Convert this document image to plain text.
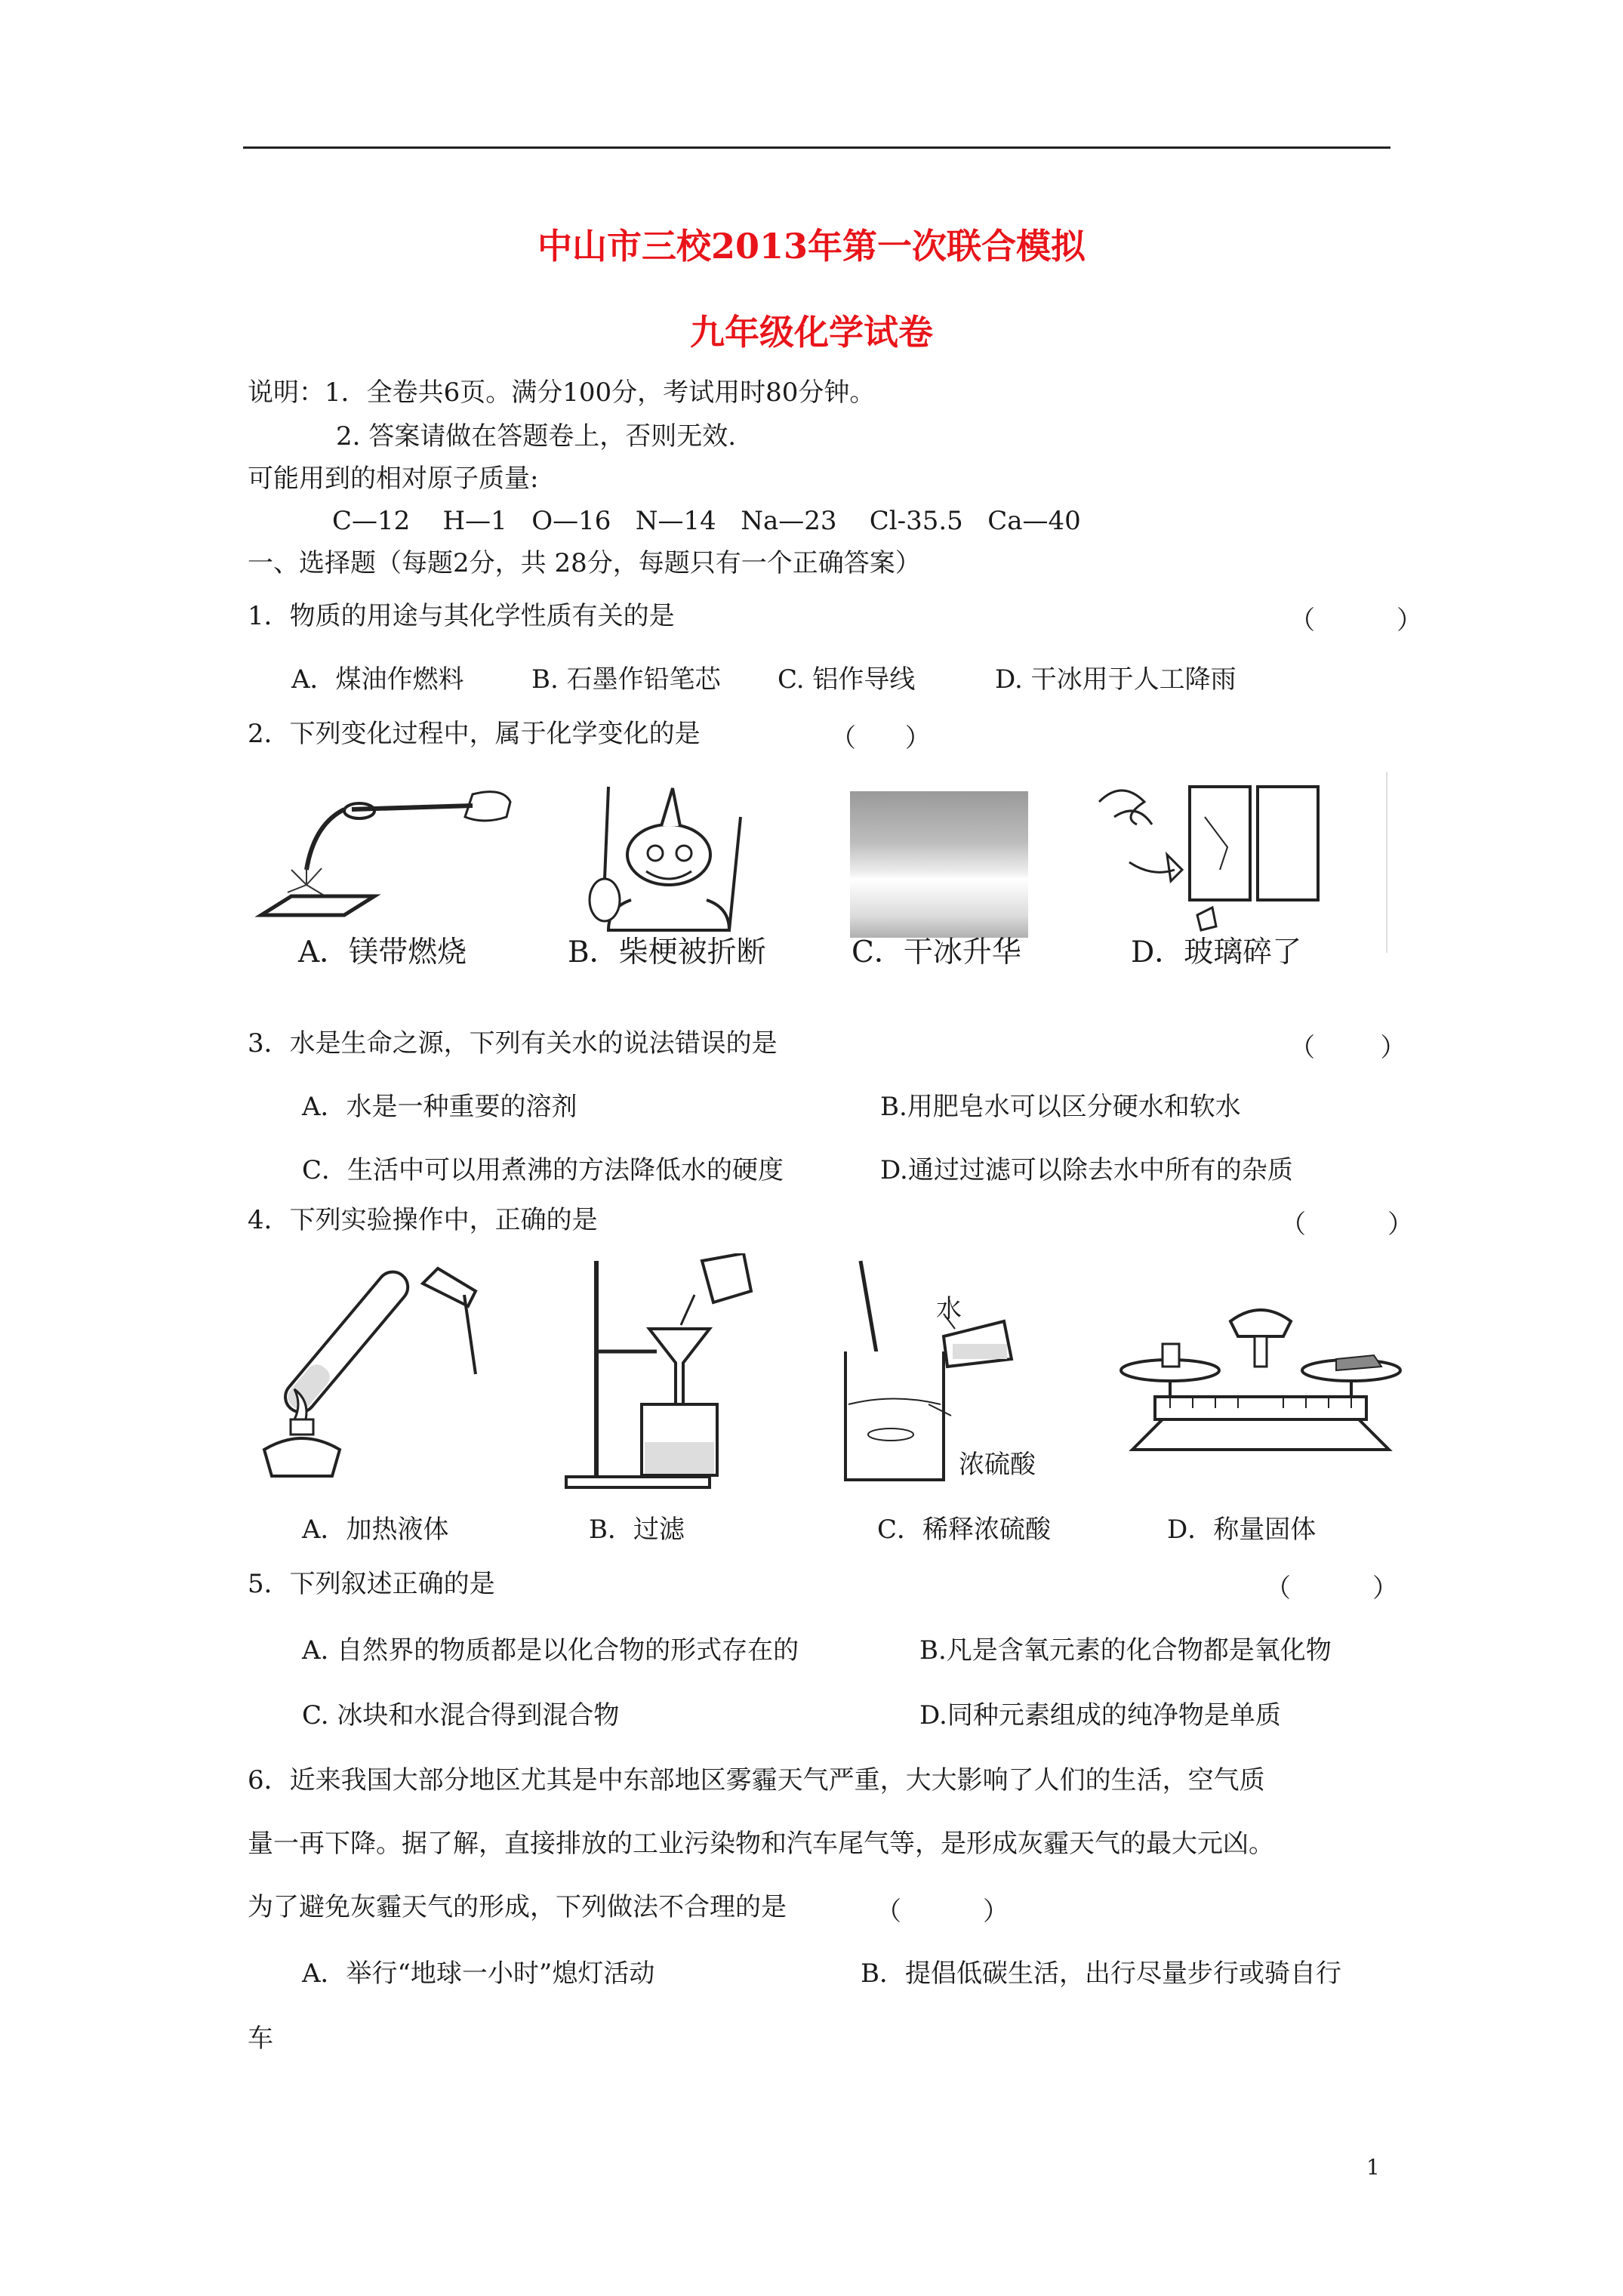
中山市三校2013年第一次联合模拟
九年级化学试卷
说明：1．全卷共6页。满分100分，考试用时80分钟。
2. 答案请做在答题卷上，否则无效.
可能用到的相对原子质量:
C—12    H—1   O—16   N—14   Na—23    Cl-35.5   Ca—40
一、选择题（每题2分，共 28分，每题只有一个正确答案）
1．物质的用途与其化学性质有关的是	（          ）
A．煤油作燃料	B. 石墨作铅笔芯 C. 铝作导线	D. 干冰用于人工降雨
2．下列变化过程中，属于化学变化的是	（      ）
A．镁带燃烧	B．柴梗被折断	C．干冰升华	D．玻璃碎了
3．水是生命之源，下列有关水的说法错误的是	（        ）
A．水是一种重要的溶剂	B.用肥皂水可以区分硬水和软水
C．生活中可以用煮沸的方法降低水的硬度	D.通过过滤可以除去水中所有的杂质
4．下列实验操作中，正确的是	（          ）
水
浓硫酸
A．加热液体	B．过滤	C．稀释浓硫酸	D．称量固体
5．下列叙述正确的是	（          ）
A. 自然界的物质都是以化合物的形式存在的	B.凡是含氧元素的化合物都是氧化物
C. 冰块和水混合得到混合物	D.同种元素组成的纯净物是单质
6．近来我国大部分地区尤其是中东部地区雾霾天气严重，大大影响了人们的生活，空气质
量一再下降。据了解，直接排放的工业污染物和汽车尾气等，是形成灰霾天气的最大元凶。
为了避免灰霾天气的形成，下列做法不合理的是	（          ）
A．举行“地球一小时”熄灯活动	B．提倡低碳生活，出行尽量步行或骑自行
车
1
